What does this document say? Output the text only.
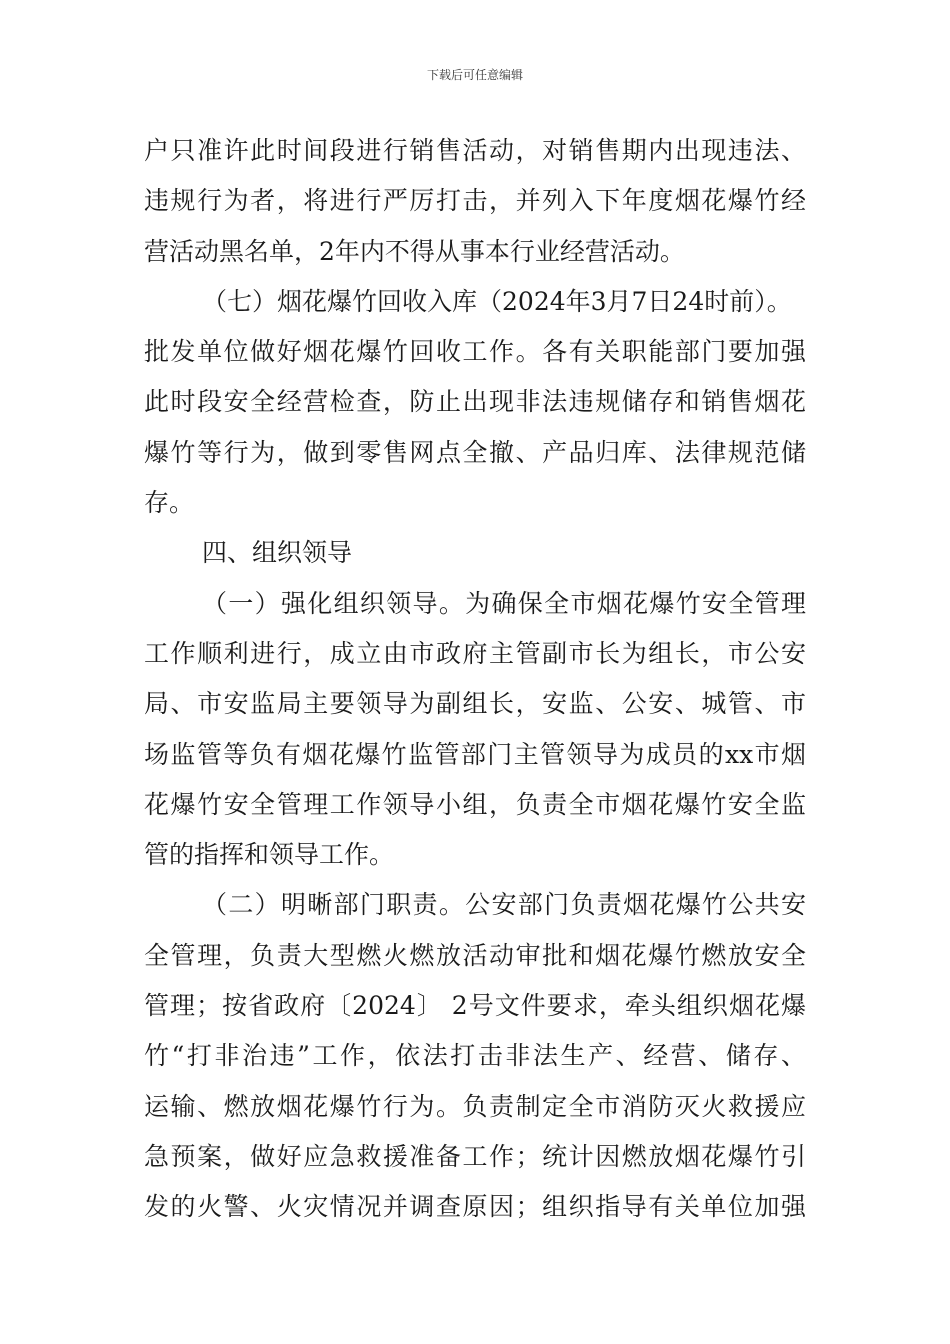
下载后可任意编辑
户只准许此时间段进行销售活动，对销售期内出现违法、
违规行为者，将进行严厉打击，并列入下年度烟花爆竹经
营活动黑名单，2年内不得从事本行业经营活动。
（七）烟花爆竹回收入库（2024年3月7日24时前）。
批发单位做好烟花爆竹回收工作。各有关职能部门要加强
此时段安全经营检查，防止出现非法违规储存和销售烟花
爆竹等行为，做到零售网点全撤、产品归库、法律规范储
存。
四、组织领导
（一）强化组织领导。为确保全市烟花爆竹安全管理
工作顺利进行，成立由市政府主管副市长为组长，市公安
局、市安监局主要领导为副组长，安监、公安、城管、市
场监管等负有烟花爆竹监管部门主管领导为成员的xx市烟
花爆竹安全管理工作领导小组，负责全市烟花爆竹安全监
管的指挥和领导工作。
（二）明晰部门职责。公安部门负责烟花爆竹公共安
全管理，负责大型燃火燃放活动审批和烟花爆竹燃放安全
管理；按省政府〔2024〕 2号文件要求，牵头组织烟花爆
竹“打非治违”工作，依法打击非法生产、经营、储存、
运输、燃放烟花爆竹行为。负责制定全市消防灭火救援应
急预案，做好应急救援准备工作；统计因燃放烟花爆竹引
发的火警、火灾情况并调查原因；组织指导有关单位加强
